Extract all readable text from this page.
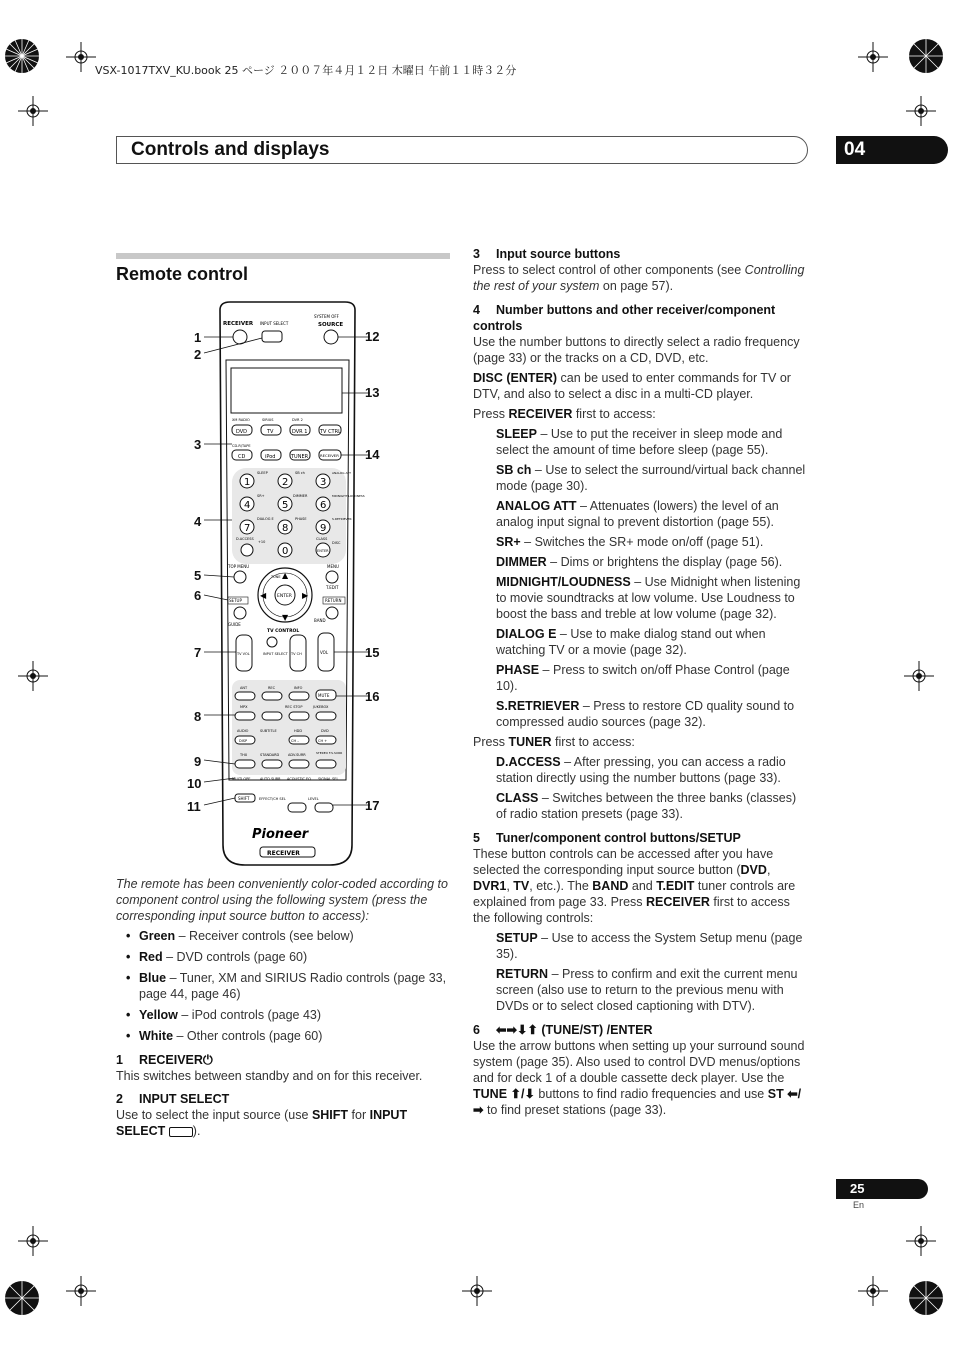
VSX-1017TXV_KU.book 25 ページ ２００７年４月１２日 木曜日 午前１１時３２分
Controls and displays	04
Remote control
RECEIVER INPUT SELECT
SYSTEM OFF
SOURCE
XM RADIO	SIRIUS	DVR 2
DVD	TV	DVR 1	TV CTRL
CD-R/TAPE
CD	iPod	TUNER	RECEIVER
SLEEP	SB ch	ANALOG ATT
1	2	3
SR+	DIMMER	MIDNIGHT LOUDNESS
4	5	6
DIALOG E	PHASE	S.RETRIEVER
7	8	9
D.ACCESS
+10
CLASS
DISC
0	ENTER
TOP MENU	MENU
TUNE ▲
▼
◀	▶
ENTER
T.EDIT
SETUP	RETURN
GUIDE
BAND
TV CONTROL
TV VOL	INPUT SELECT TV CH	VOL
ANT	REC	INFO
MUTE
MPX	REC STOP	JUKEBOX
AUDIO	SUBTITLE	HDD	DVD
DISP	CH –	CH +
THX	STANDARD ADV.SURR	STEREO F.S.SURR
MULTI OPE	AUTO SURR ACOUSTIC EQ SIGNAL SEL
SHIFT	EFFECT/CH SEL	LEVEL
Pioneer
RECEIVER
1
2
3
4
5
6
7
8
9
10
11
12
13
14
15
16
17

The remote has been conveniently color-coded according to component control using the following system (press the corresponding input source button to access):

• Green – Receiver controls (see below)
• Red – DVD controls (page 60)
• Blue – Tuner, XM and SIRIUS Radio controls (page 33, page 44, page 46)
• Yellow – iPod controls (page 43)
• White – Other controls (page 60)

1 RECEIVER⏻

This switches between standby and on for this receiver.

2 INPUT SELECT

Use to select the input source (use SHIFT for INPUT SELECT ).

3 Input source buttons

Press to select control of other components (see Controlling the rest of your system on page 57).

4 Number buttons and other receiver/component controls

Use the number buttons to directly select a radio frequency (page 33) or the tracks on a CD, DVD, etc.

DISC (ENTER) can be used to enter commands for TV or DTV, and also to select a disc in a multi-CD player.

Press RECEIVER first to access:

SLEEP – Use to put the receiver in sleep mode and select the amount of time before sleep (page 55).

SB ch – Use to select the surround/virtual back channel mode (page 30).

ANALOG ATT – Attenuates (lowers) the level of an analog input signal to prevent distortion (page 55).

SR+ – Switches the SR+ mode on/off (page 51).

DIMMER – Dims or brightens the display (page 56).

MIDNIGHT/LOUDNESS – Use Midnight when listening to movie soundtracks at low volume. Use Loudness to boost the bass and treble at low volume (page 32).

DIALOG E – Use to make dialog stand out when watching TV or a movie (page 32).

PHASE – Press to switch on/off Phase Control (page 10).

S.RETRIEVER – Press to restore CD quality sound to compressed audio sources (page 32).

Press TUNER first to access:

D.ACCESS – After pressing, you can access a radio station directly using the number buttons (page 33).

CLASS – Switches between the three banks (classes) of radio station presets (page 33).

5 Tuner/component control buttons/SETUP

These button controls can be accessed after you have selected the corresponding input source button (DVD, DVR1, TV, etc.). The BAND and T.EDIT tuner controls are explained from page 33. Press RECEIVER first to access the following controls:

SETUP – Use to access the System Setup menu (page 35).

RETURN – Press to confirm and exit the current menu screen (also use to return to the previous menu with DVDs or to select closed captioning with DTV).

6 ⬅➡⬇⬆ (TUNE/ST) /ENTER

Use the arrow buttons when setting up your surround sound system (page 35). Also used to control DVD menus/options and for deck 1 of a double cassette deck player. Use the TUNE ⬆/⬇ buttons to find radio frequencies and use ST ⬅/➡ to find preset stations (page 33).

25
En
